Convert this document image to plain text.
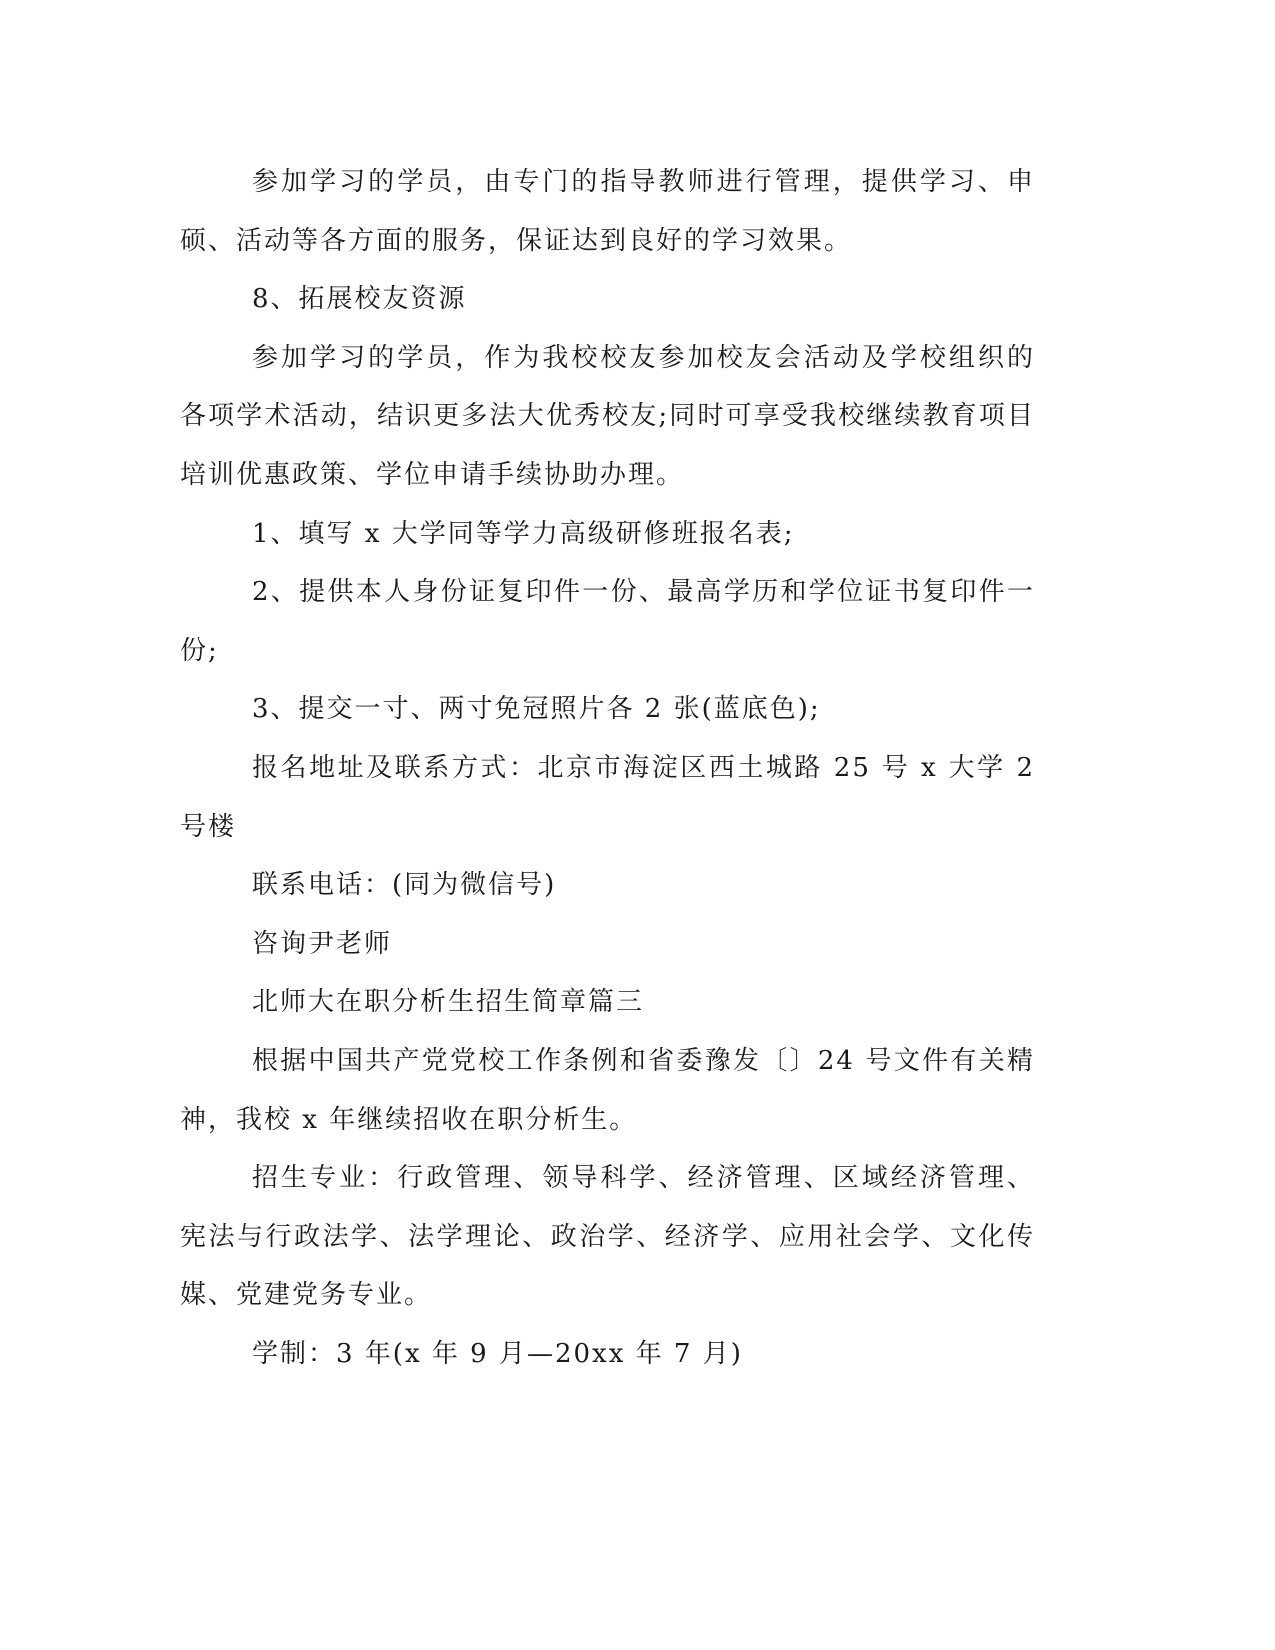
参加学习的学员，由专门的指导教师进行管理，提供学习、申硕、活动等各方面的服务，保证达到良好的学习效果。

8、拓展校友资源

参加学习的学员，作为我校校友参加校友会活动及学校组织的各项学术活动，结识更多法大优秀校友;同时可享受我校继续教育项目培训优惠政策、学位申请手续协助办理。

1、填写 x 大学同等学力高级研修班报名表;

2、提供本人身份证复印件一份、最高学历和学位证书复印件一份;

3、提交一寸、两寸免冠照片各 2 张(蓝底色);

报名地址及联系方式：北京市海淀区西土城路 25 号 x 大学 2 号楼

联系电话：(同为微信号)

咨询尹老师

北师大在职分析生招生简章篇三

根据中国共产党党校工作条例和省委豫发〔〕24 号文件有关精神，我校 x 年继续招收在职分析生。

招生专业：行政管理、领导科学、经济管理、区域经济管理、宪法与行政法学、法学理论、政治学、经济学、应用社会学、文化传媒、党建党务专业。

学制：3 年(x 年 9 月—20xx 年 7 月)
